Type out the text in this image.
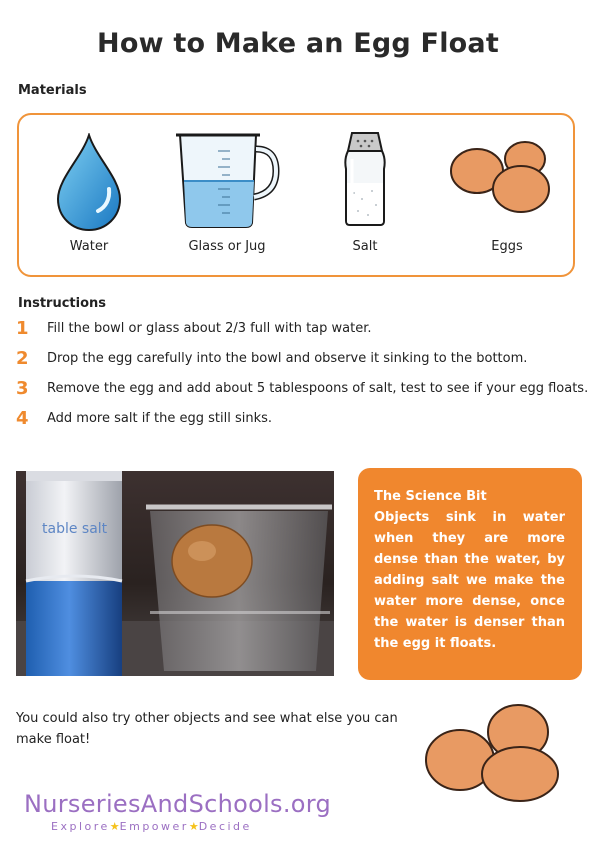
How to Make an Egg Float
Materials
Water	Glass or Jug	Salt	Eggs
Instructions
1 Fill the bowl or glass about 2/3 full with tap water.
2 Drop the egg carefully into the bowl and observe it sinking to the bottom.
3 Remove the egg and add about 5 tablespoons of salt, test to see if your egg floats.
4 Add more salt if the egg still sinks.
table salt
The Science Bit
Objects sink in water when they are more dense than the water, by adding salt we make the water more dense, once the water is denser than the egg it floats.
You could also try other objects and see what else you can make float!
NurseriesAndSchools.org
Explore★Empower★Decide
